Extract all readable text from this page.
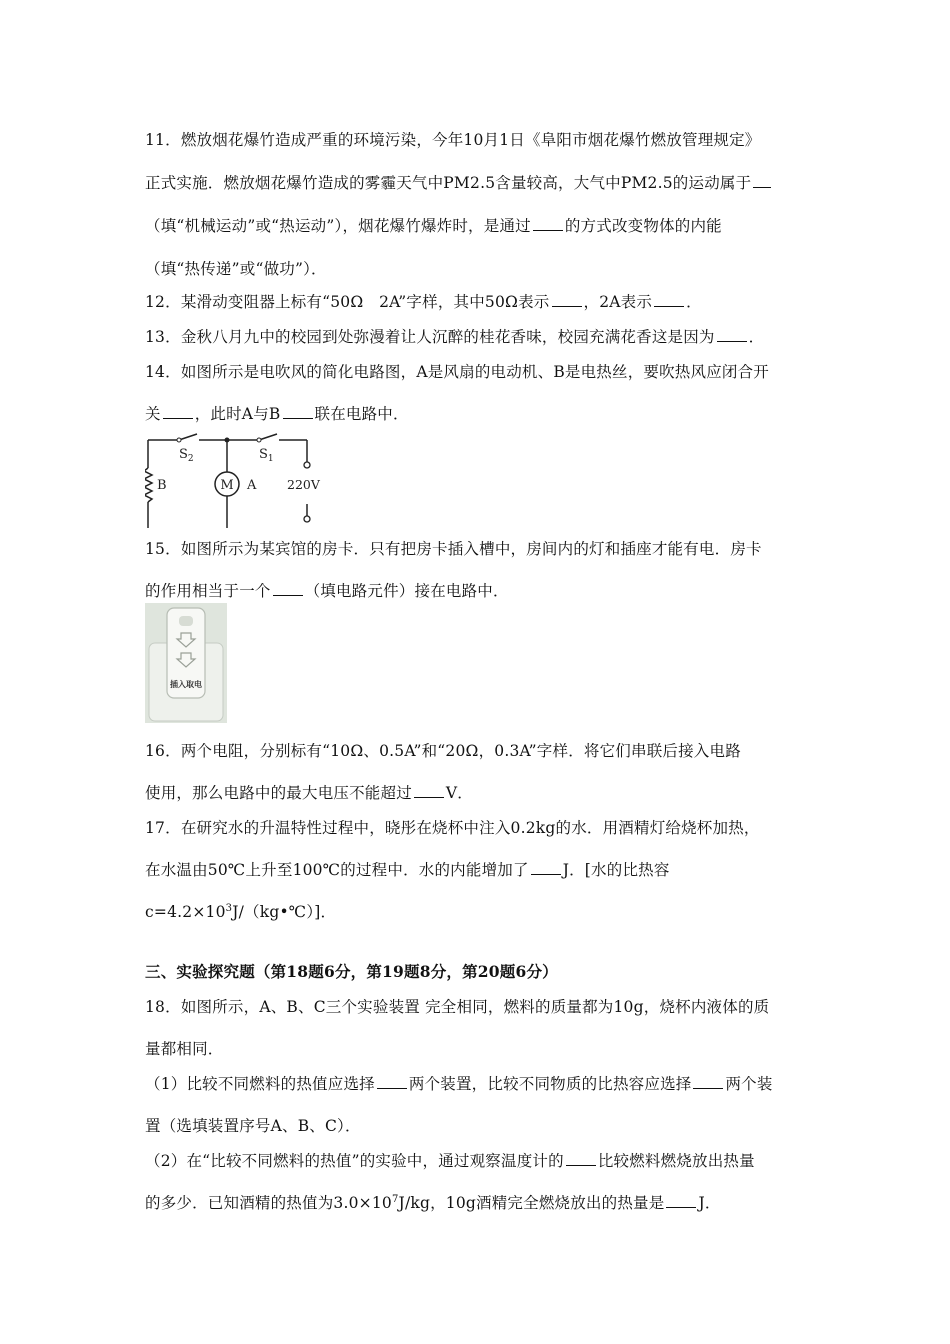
11．燃放烟花爆竹造成严重的环境污染，今年10月1日《阜阳市烟花爆竹燃放管理规定》
正式实施．燃放烟花爆竹造成的雾霾天气中PM2.5含量较高，大气中PM2.5的运动属于
（填“机械运动”或“热运动”），烟花爆竹爆炸时，是通过 的方式改变物体的内能
（填“热传递”或“做功”）．
12．某滑动变阻器上标有“50Ω　2A”字样，其中50Ω表示 ，2A表示 ．
13．金秋八月九中的校园到处弥漫着让人沉醉的桂花香味，校园充满花香这是因为 ．
14．如图所示是电吹风的简化电路图，A是风扇的电动机、B是电热丝，要吹热风应闭合开
关 ，此时A与B 联在电路中．
$S_2$	$S_1$
B	M A 220V
15．如图所示为某宾馆的房卡．只有把房卡插入槽中，房间内的灯和插座才能有电．房卡
的作用相当于一个 （填电路元件）接在电路中．
插入取电
16．两个电阻，分别标有“10Ω、0.5A”和“20Ω，0.3A”字样．将它们串联后接入电路
使用，那么电路中的最大电压不能超过 V．
17．在研究水的升温特性过程中，晓彤在烧杯中注入0.2kg的水．用酒精灯给烧杯加热，
在水温由50℃上升至100℃的过程中．水的内能增加了 J．[水的比热容
$c=4.2\times 10^3J/(kg•℃)$]．
三、实验探究题（第18题6分，第19题8分，第20题6分）
18．如图所示，A、B、C三个实验装置 完全相同，燃料的质量都为10g，烧杯内液体的质
量都相同．
（1）比较不同燃料的热值应选择 两个装置，比较不同物质的比热容应选择 两个装
置（选填装置序号A、B、C）．
（2）在“比较不同燃料的热值”的实验中，通过观察温度计的 比较燃料燃烧放出热量
的多少．已知酒精的热值为$3.0\times 10^7J/kg$，10g酒精完全燃烧放出的热量是 J．
